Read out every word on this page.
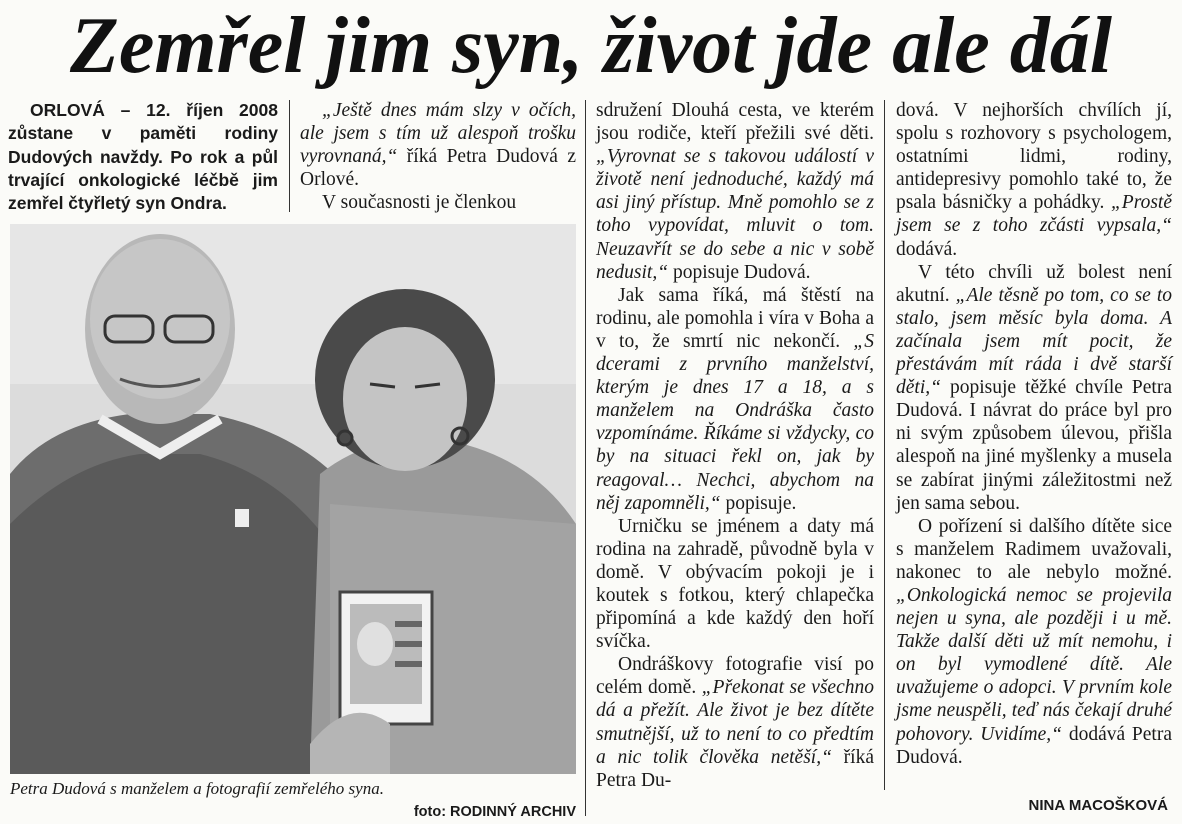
Zemřel jim syn, život jde ale dál
ORLOVÁ – 12. říjen 2008 zůstane v paměti rodiny Dudových navždy. Po rok a půl trvající onkologické léčbě jim zemřel čtyřletý syn Ondra.

„Ještě dnes mám slzy v očích, ale jsem s tím už alespoň trošku vyrovnaná,“ říká Petra Dudová z Orlové.

V současnosti je členkou

Petra Dudová s manželem a fotografií zemřelého syna.
foto: RODINNÝ ARCHIV

sdružení Dlouhá cesta, ve kterém jsou rodiče, kteří přežili své děti. „Vyrovnat se s takovou událostí v životě není jednoduché, každý má asi jiný přístup. Mně pomohlo se z toho vypovídat, mluvit o tom. Neuzavřít se do sebe a nic v sobě nedusit,“ popisuje Dudová.

Jak sama říká, má štěstí na rodinu, ale pomohla i víra v Boha a v to, že smrtí nic nekončí. „S dcerami z prvního manželství, kterým je dnes 17 a 18, a s manželem na Ondráška často vzpomínáme. Říkáme si vždycky, co by na situaci řekl on, jak by reagoval… Nechci, abychom na něj zapomněli,“ popisuje.

Urničku se jménem a daty má rodina na zahradě, původně byla v domě. V obývacím pokoji je i koutek s fotkou, který chlapečka připomíná a kde každý den hoří svíčka.

Ondráškovy fotografie visí po celém domě. „Překonat se všechno dá a přežít. Ale život je bez dítěte smutnější, už to není to co předtím a nic tolik člověka netěší,“ říká Petra Du-

dová. V nejhorších chvílích jí, spolu s rozhovory s psychologem, ostatními lidmi, rodiny, antidepresivy pomohlo také to, že psala básničky a pohádky. „Prostě jsem se z toho zčásti vypsala,“ dodává.

V této chvíli už bolest není akutní. „Ale těsně po tom, co se to stalo, jsem měsíc byla doma. A začínala jsem mít pocit, že přestávám mít ráda i dvě starší děti,“ popisuje těžké chvíle Petra Dudová. I návrat do práce byl pro ni svým způsobem úlevou, přišla alespoň na jiné myšlenky a musela se zabírat jinými záležitostmi než jen sama sebou.

O pořízení si dalšího dítěte sice s manželem Radimem uvažovali, nakonec to ale nebylo možné. „Onkologická nemoc se projevila nejen u syna, ale později i u mě. Takže další děti už mít nemohu, i on byl vymodlené dítě. Ale uvažujeme o adopci. V prvním kole jsme neuspěli, teď nás čekají druhé pohovory. Uvidíme,“ dodává Petra Dudová.

NINA MACOŠKOVÁ
